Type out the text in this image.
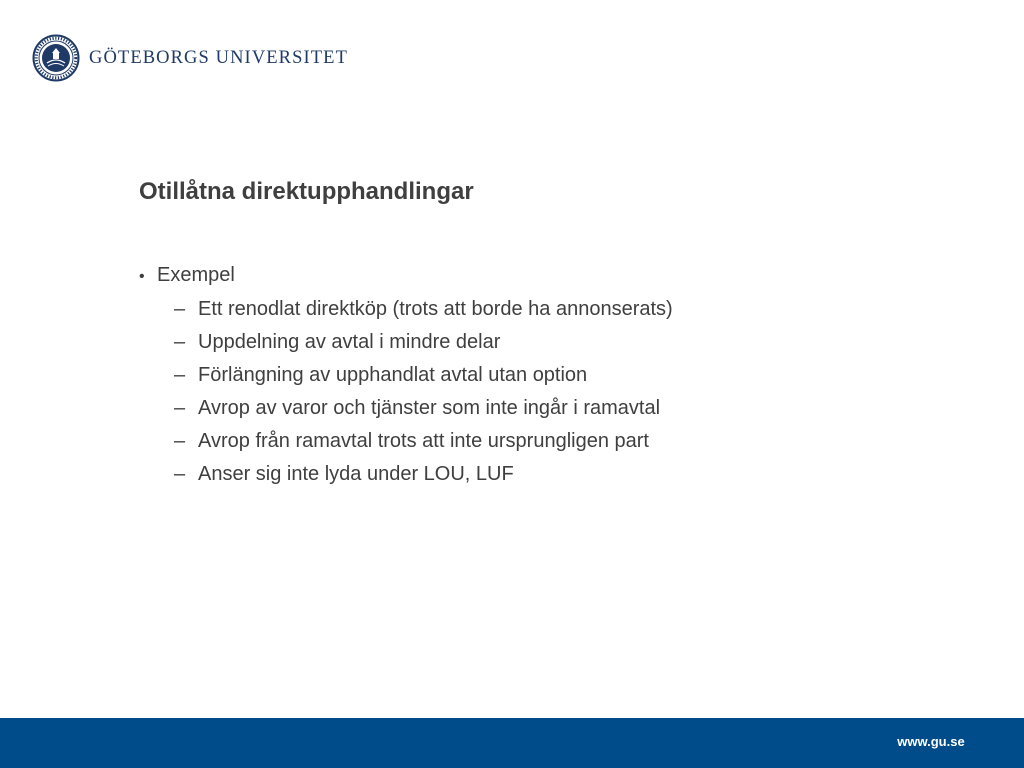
GÖTEBORGS UNIVERSITET
Otillåtna direktupphandlingar
• Exempel
– Ett renodlat direktköp (trots att borde ha annonserats)
– Uppdelning av avtal i mindre delar
– Förlängning av upphandlat avtal utan option
– Avrop av varor och tjänster som inte ingår i ramavtal
– Avrop från ramavtal trots att inte ursprungligen part
– Anser sig inte lyda under LOU, LUF
www.gu.se
